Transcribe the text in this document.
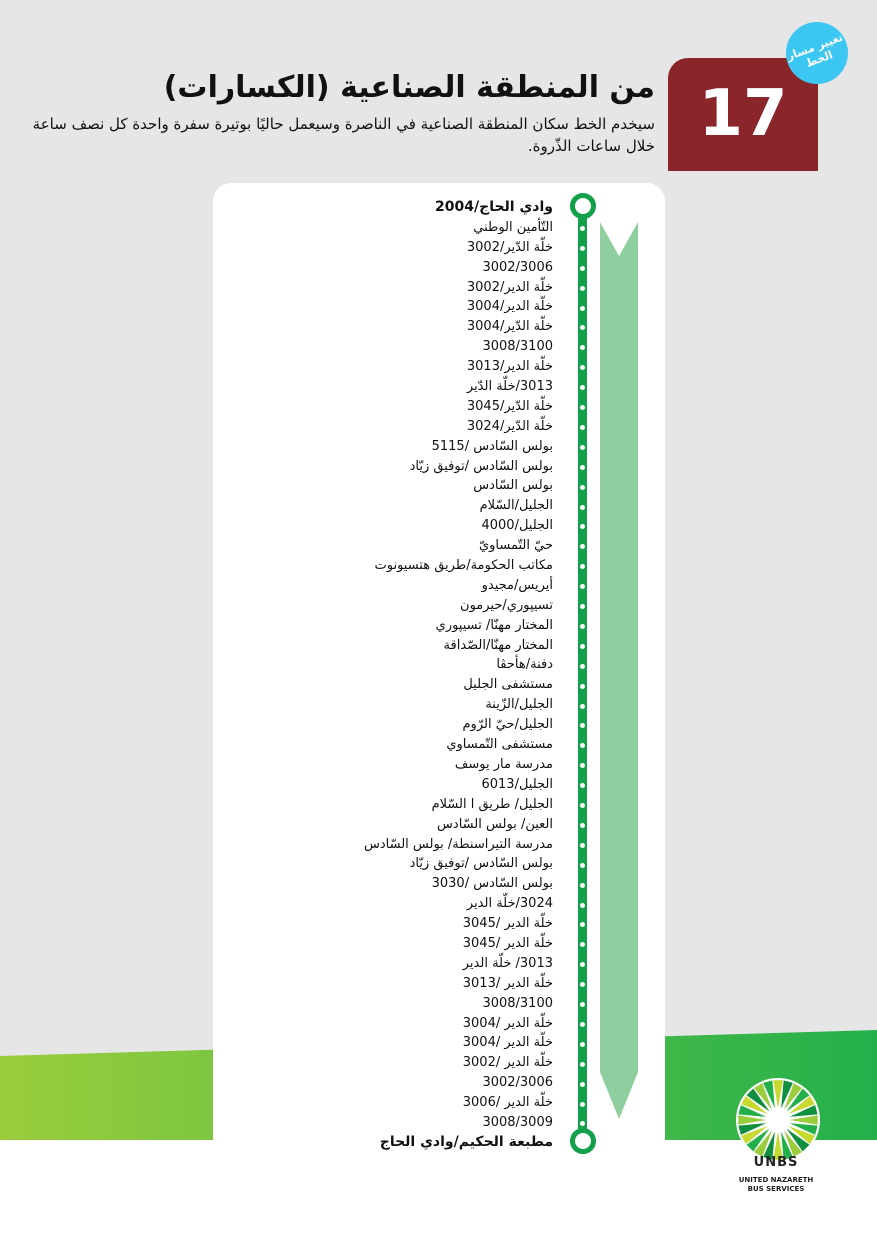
17
تغيير مسار الخط
من المنطقة الصناعية (الكسارات)
سيخدم الخط سكان المنطقة الصناعية في الناصرة وسيعمل حاليًا بوتيرة سفرة واحدة كل نصف ساعة خلال ساعات الذّروة.
وادي الحاج/2004
التّأمين الوطني
خلّة الدّير/3002
3002/3006
خلّة الدير/3002
خلّة الدير/3004
خلّة الدّير/3004
3008/3100
خلّة الدير/3013
3013/خلّة الدّير
خلّة الدّير/3045
خلّة الدّير/3024
بولس السّادس /5115
بولس السّادس /توفيق زيّاد
بولس السّادس
الجليل/السّلام
الجليل/4000
حيّ التّمساويّ
مكاتب الحكومة/طريق هتسيونوت
أيريس/مجيدو
تسيپوري/حيرمون
المختار مهنّا/ تسيپوري
المختار مهنّا/الصّداقة
دفنة/هأحڤا
مستشفى الجليل
الجليل/الزّينة
الجليل/حيّ الرّوم
مستشفى التّمساوي
مدرسة مار يوسف
الجليل/6013
الجليل/ طريق ا السّلام
العين/ بولس السّادس
مدرسة التيراسنطة/ بولس السّادس
بولس السّادس /توفيق زيّاد
بولس السّادس /3030
3024/خلّة الدير
خلّة الدير /3045
خلّة الدير /3045
3013/ خلّة الدير
خلّة الدير /3013
3008/3100
خلّة الدير /3004
خلّة الدير /3004
خلّة الدير /3002
3002/3006
خلّة الدير /3006
3008/3009
مطبعة الحكيم/وادي الحاج
UNBS
UNITED NAZARETH
BUS SERVICES
